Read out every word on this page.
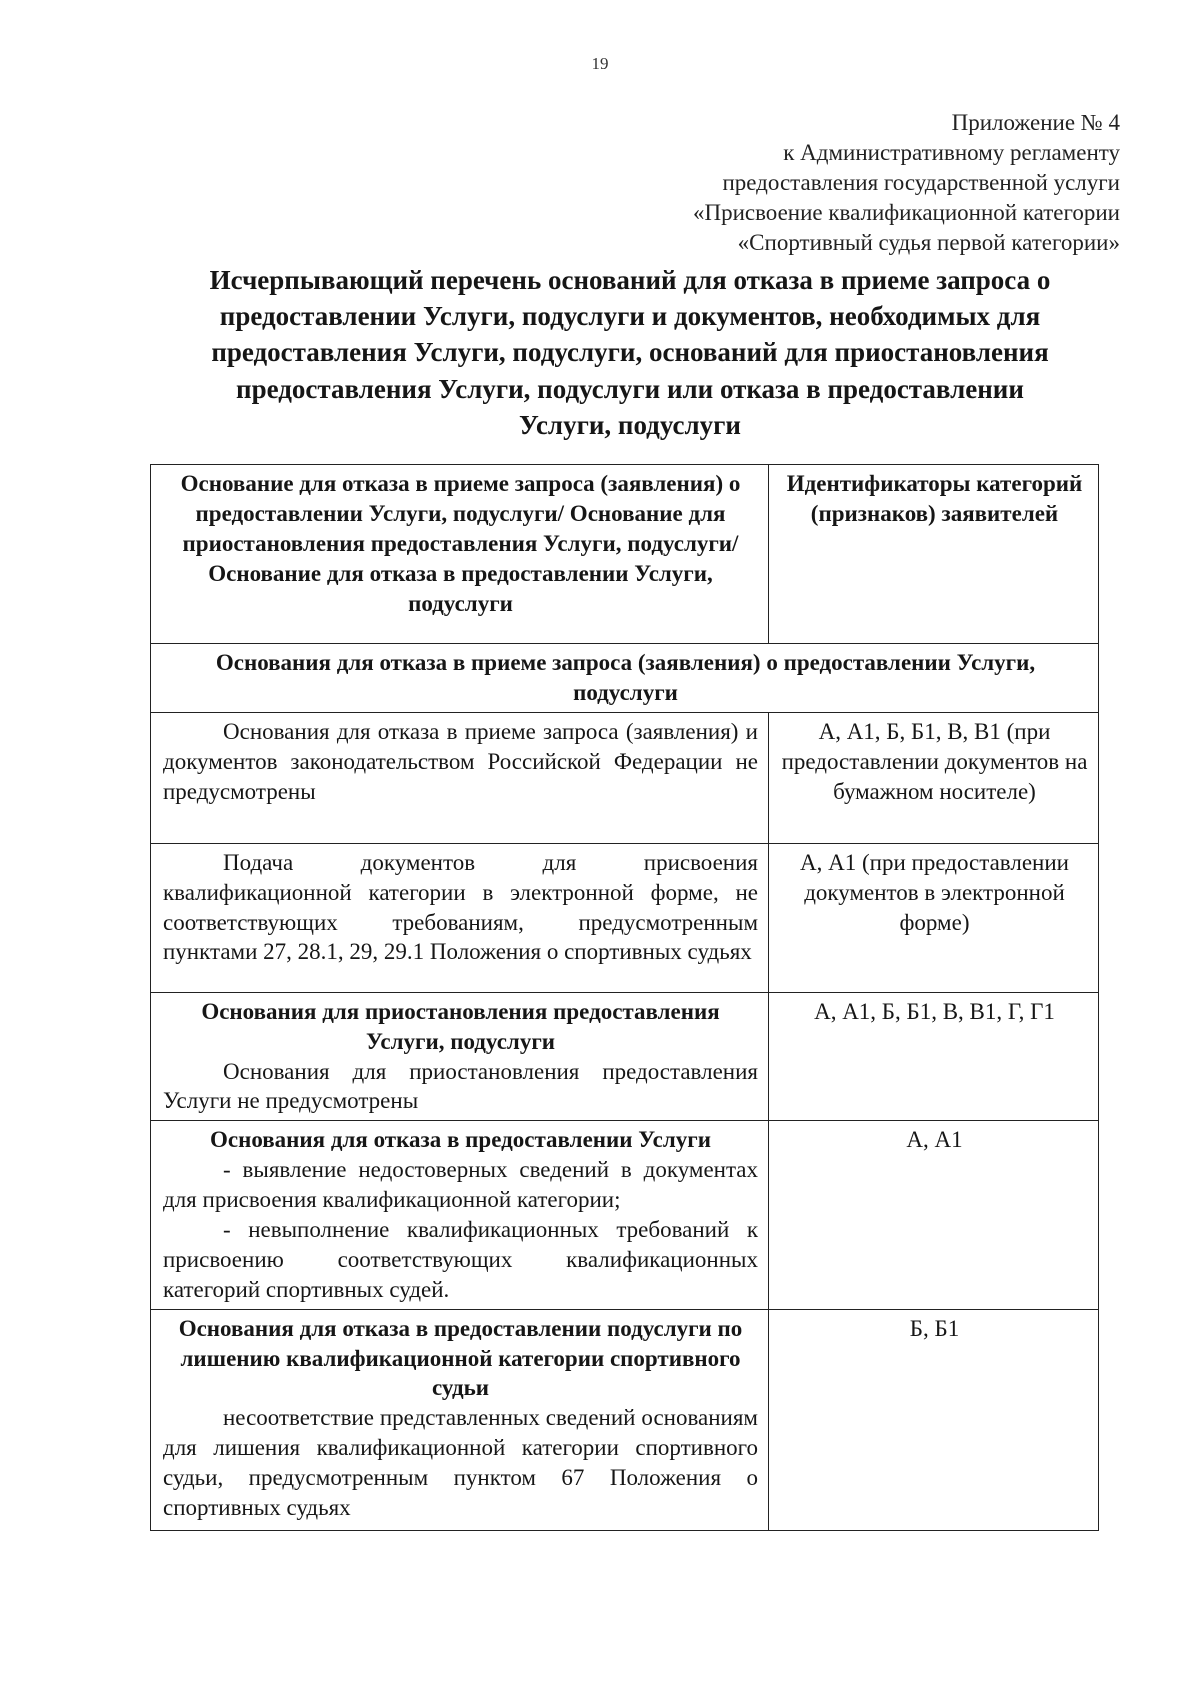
19
Приложение № 4
к Административному регламенту
предоставления государственной услуги
«Присвоение квалификационной категории
«Спортивный судья первой категории»
Исчерпывающий перечень оснований для отказа в приеме запроса о
предоставлении Услуги, подуслуги и документов, необходимых для
предоставления Услуги, подуслуги, оснований для приостановления
предоставления Услуги, подуслуги или отказа в предоставлении
Услуги, подуслуги
Основание для отказа в приеме запроса (заявления) о предоставлении Услуги, подуслуги/ Основание для приостановления предоставления Услуги, подуслуги/ Основание для отказа в предоставлении Услуги, подуслуги	Идентификаторы категорий (признаков) заявителей
Основания для отказа в приеме запроса (заявления) о предоставлении Услуги, подуслуги	
Основания для отказа в приеме запроса (заявления) и документов законодательством Российской Федерации не предусмотрены	А, А1, Б, Б1, В, В1 (при предоставлении документов на бумажном носителе)
Подача документов для присвоения квалификационной категории в электронной форме, не соответствующих требованиям, предусмотренным пунктами 27, 28.1, 29, 29.1 Положения о спортивных судьях	А, А1 (при предоставлении документов в электронной форме)

Основания для приостановления предоставления Услуги, подуслуги
Основания для приостановления предоставления Услуги не предусмотрены	А, А1, Б, Б1, В, В1, Г, Г1

Основания для отказа в предоставлении Услуги
- выявление недостоверных сведений в документах для присвоения квалификационной категории;
- невыполнение квалификационных требований к присвоению соответствующих квалификационных категорий спортивных судей.	А, А1

Основания для отказа в предоставлении подуслуги по лишению квалификационной категории спортивного судьи
несоответствие представленных сведений основаниям для лишения квалификационной категории спортивного судьи, предусмотренным пунктом 67 Положения о спортивных судьях	Б, Б1
